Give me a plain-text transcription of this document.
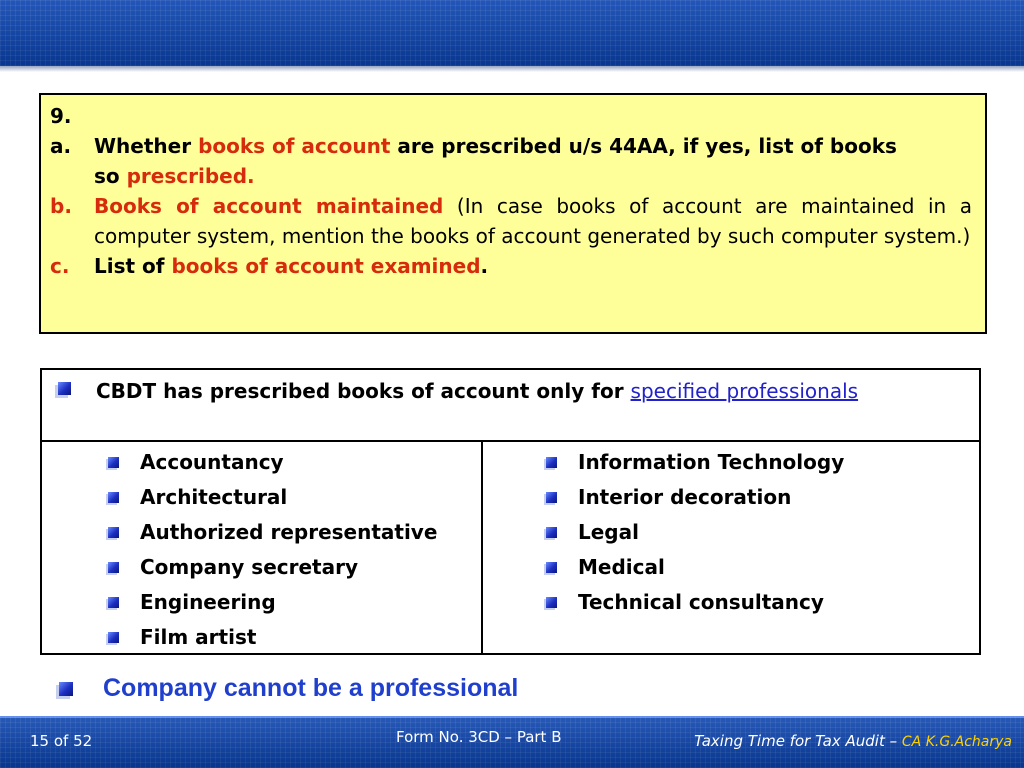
9.
a. Whether books of account are prescribed u/s 44AA, if yes, list of books
so prescribed.
b. Books of account maintained (In case books of account are maintained in a computer system, mention the books of account generated by such computer system.)
c. List of books of account examined.
CBDT has prescribed books of account only for specified professionals
Accountancy
Architectural
Authorized representative
Company secretary
Engineering
Film artist
Information Technology
Interior decoration
Legal
Medical
Technical consultancy
Company cannot be a professional
15 of 52	Form No. 3CD – Part B	Taxing Time for Tax Audit – CA K.G.Acharya
